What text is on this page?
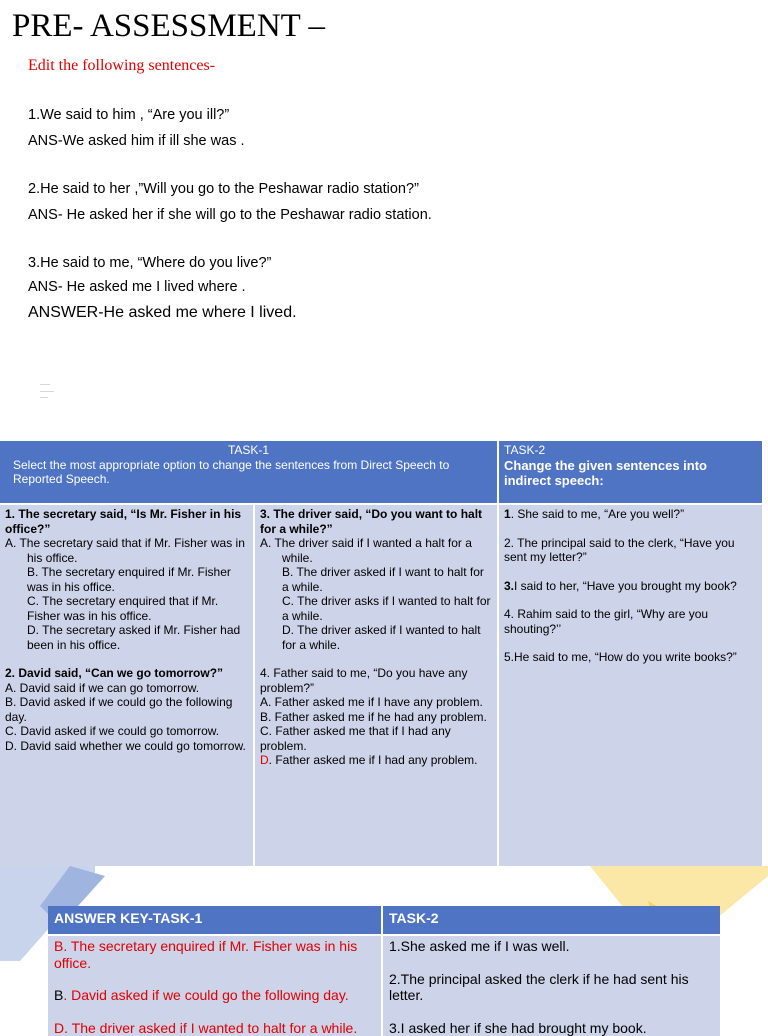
PRE- ASSESSMENT –
Edit the following sentences-
1.We said to him , “Are you ill?”
ANS-We asked him if ill she was .
2.He said to her ,”Will you go to the Peshawar radio station?”
ANS- He asked her if she will go to the Peshawar radio station.
3.He said to me, “Where do you live?”
ANS- He asked me I lived where .
ANSWER-He asked me where I lived.
TASK-1
Select the most appropriate option to change the sentences from Direct Speech to Reported Speech.
TASK-2
Change the given sentences into indirect speech:
1. The secretary said, “Is Mr. Fisher in his office?”
A. The secretary said that if Mr. Fisher was in his office.
B. The secretary enquired if Mr. Fisher was in his office.
C. The secretary enquired that if Mr. Fisher was in his office.
D. The secretary asked if Mr. Fisher had been in his office.
2. David said, “Can we go tomorrow?”
A. David said if we can go tomorrow.
B. David asked if we could go the following day.
C. David asked if we could go tomorrow.
D. David said whether we could go tomorrow.
3. The driver said, “Do you want to halt for a while?”
A. The driver said if I wanted a halt for a while.
B. The driver asked if I want to halt for a while.
C. The driver asks if I wanted to halt for a while.
D. The driver asked if I wanted to halt for a while.
4. Father said to me, “Do you have any problem?”
A. Father asked me if I have any problem.
B. Father asked me if he had any problem.
C. Father asked me that if I had any problem.
D. Father asked me if I had any problem.
1. She said to me, “Are you well?”
2. The principal said to the clerk, “Have you sent my letter?”
3.I said to her, “Have you brought my book?
4. Rahim said to the girl, “Why are you shouting?’’
5.He said to me, “How do you write books?”
ANSWER KEY-TASK-1	TASK-2

B. The secretary enquired if Mr. Fisher was in his office.

B. David asked if we could go the following day.

D. The driver asked if I wanted to halt for a while.

1.She asked me if I was well.

2.The principal asked the clerk if he had sent his letter.

3.I asked her if she had brought my book.
